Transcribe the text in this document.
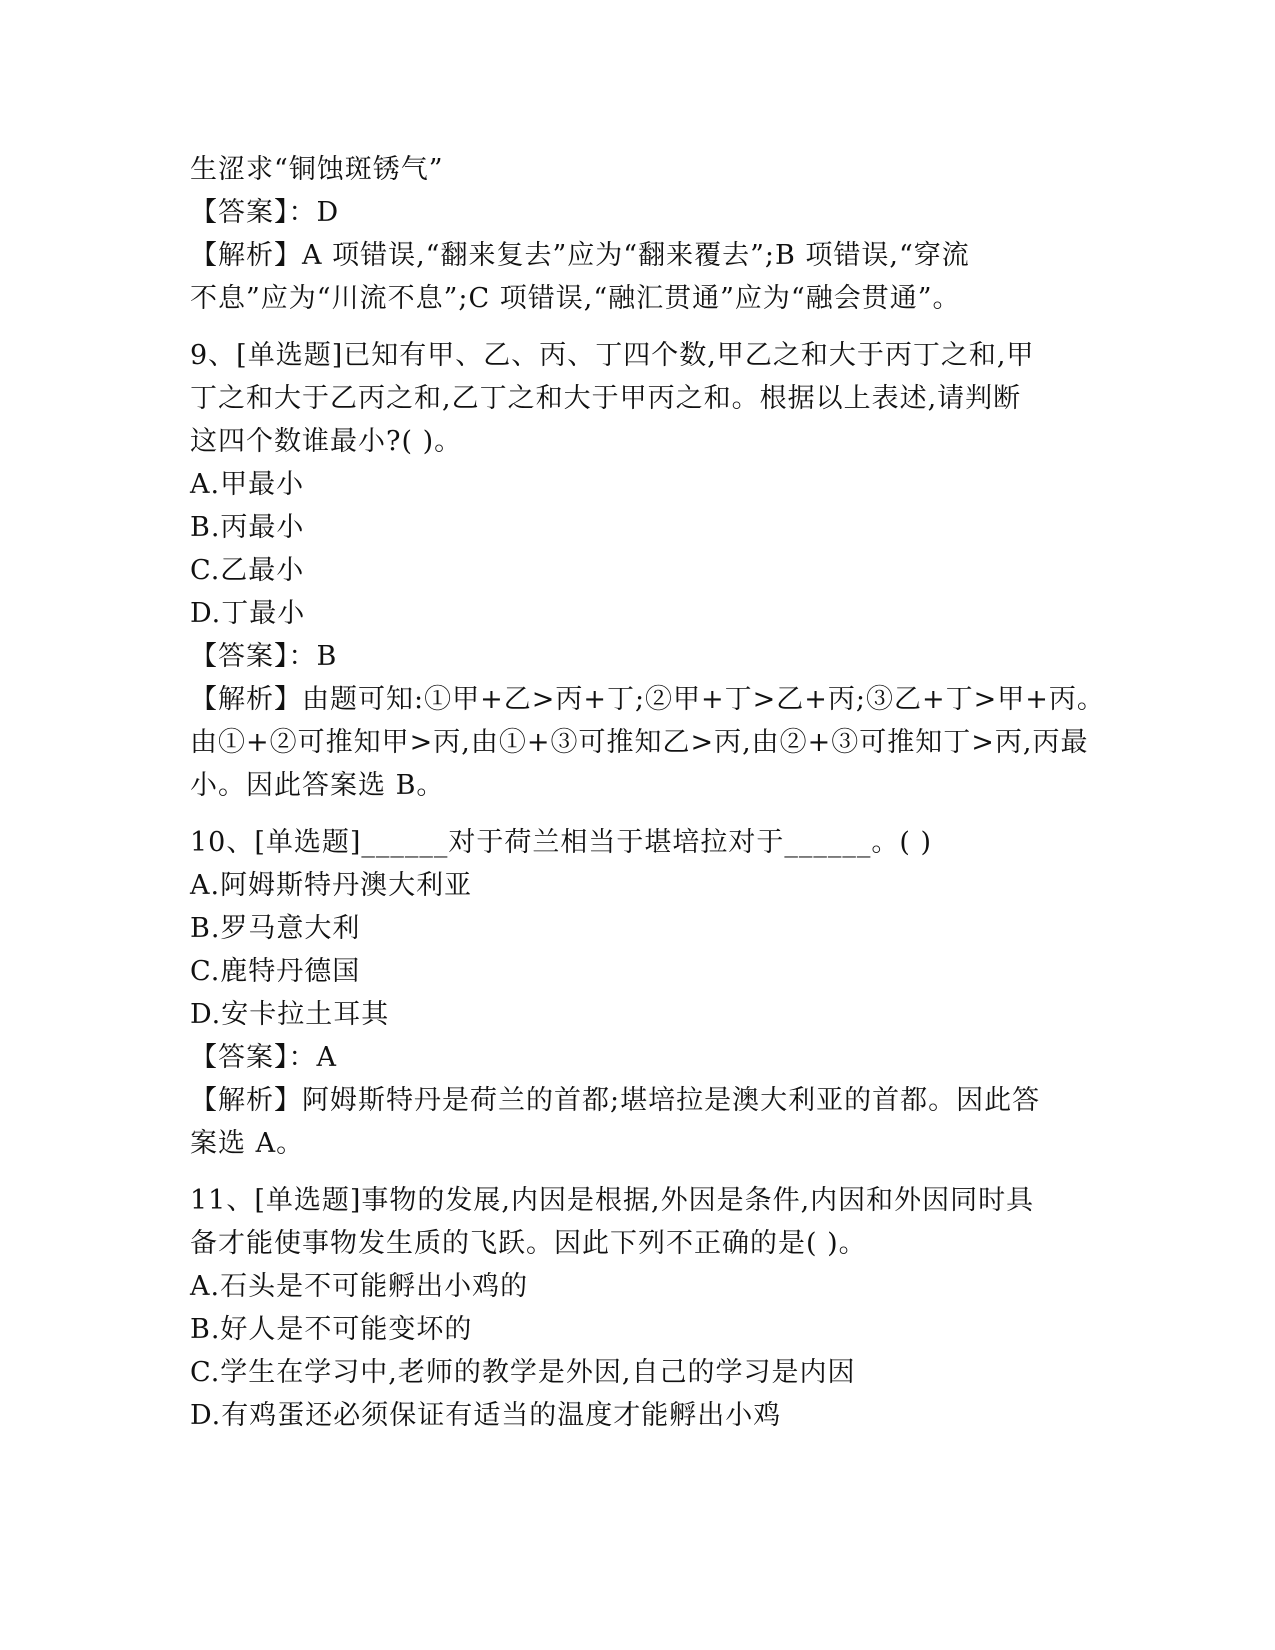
生涩求“铜蚀斑锈气”
【答案】：D
【解析】A 项错误,“翻来复去”应为“翻来覆去”;B 项错误,“穿流
不息”应为“川流不息”;C 项错误,“融汇贯通”应为“融会贯通”。
9、[单选题]已知有甲、乙、丙、丁四个数,甲乙之和大于丙丁之和,甲
丁之和大于乙丙之和,乙丁之和大于甲丙之和。根据以上表述,请判断
这四个数谁最小?( )。
A.甲最小
B.丙最小
C.乙最小
D.丁最小
【答案】：B
【解析】由题可知:①甲+乙>丙+丁;②甲+丁>乙+丙;③乙+丁>甲+丙。
由①+②可推知甲>丙,由①+③可推知乙>丙,由②+③可推知丁>丙,丙最
小。因此答案选 B。
10、[单选题]______对于荷兰相当于堪培拉对于______。( )
A.阿姆斯特丹澳大利亚
B.罗马意大利
C.鹿特丹德国
D.安卡拉土耳其
【答案】：A
【解析】阿姆斯特丹是荷兰的首都;堪培拉是澳大利亚的首都。因此答
案选 A。
11、[单选题]事物的发展,内因是根据,外因是条件,内因和外因同时具
备才能使事物发生质的飞跃。因此下列不正确的是( )。
A.石头是不可能孵出小鸡的
B.好人是不可能变坏的
C.学生在学习中,老师的教学是外因,自己的学习是内因
D.有鸡蛋还必须保证有适当的温度才能孵出小鸡
